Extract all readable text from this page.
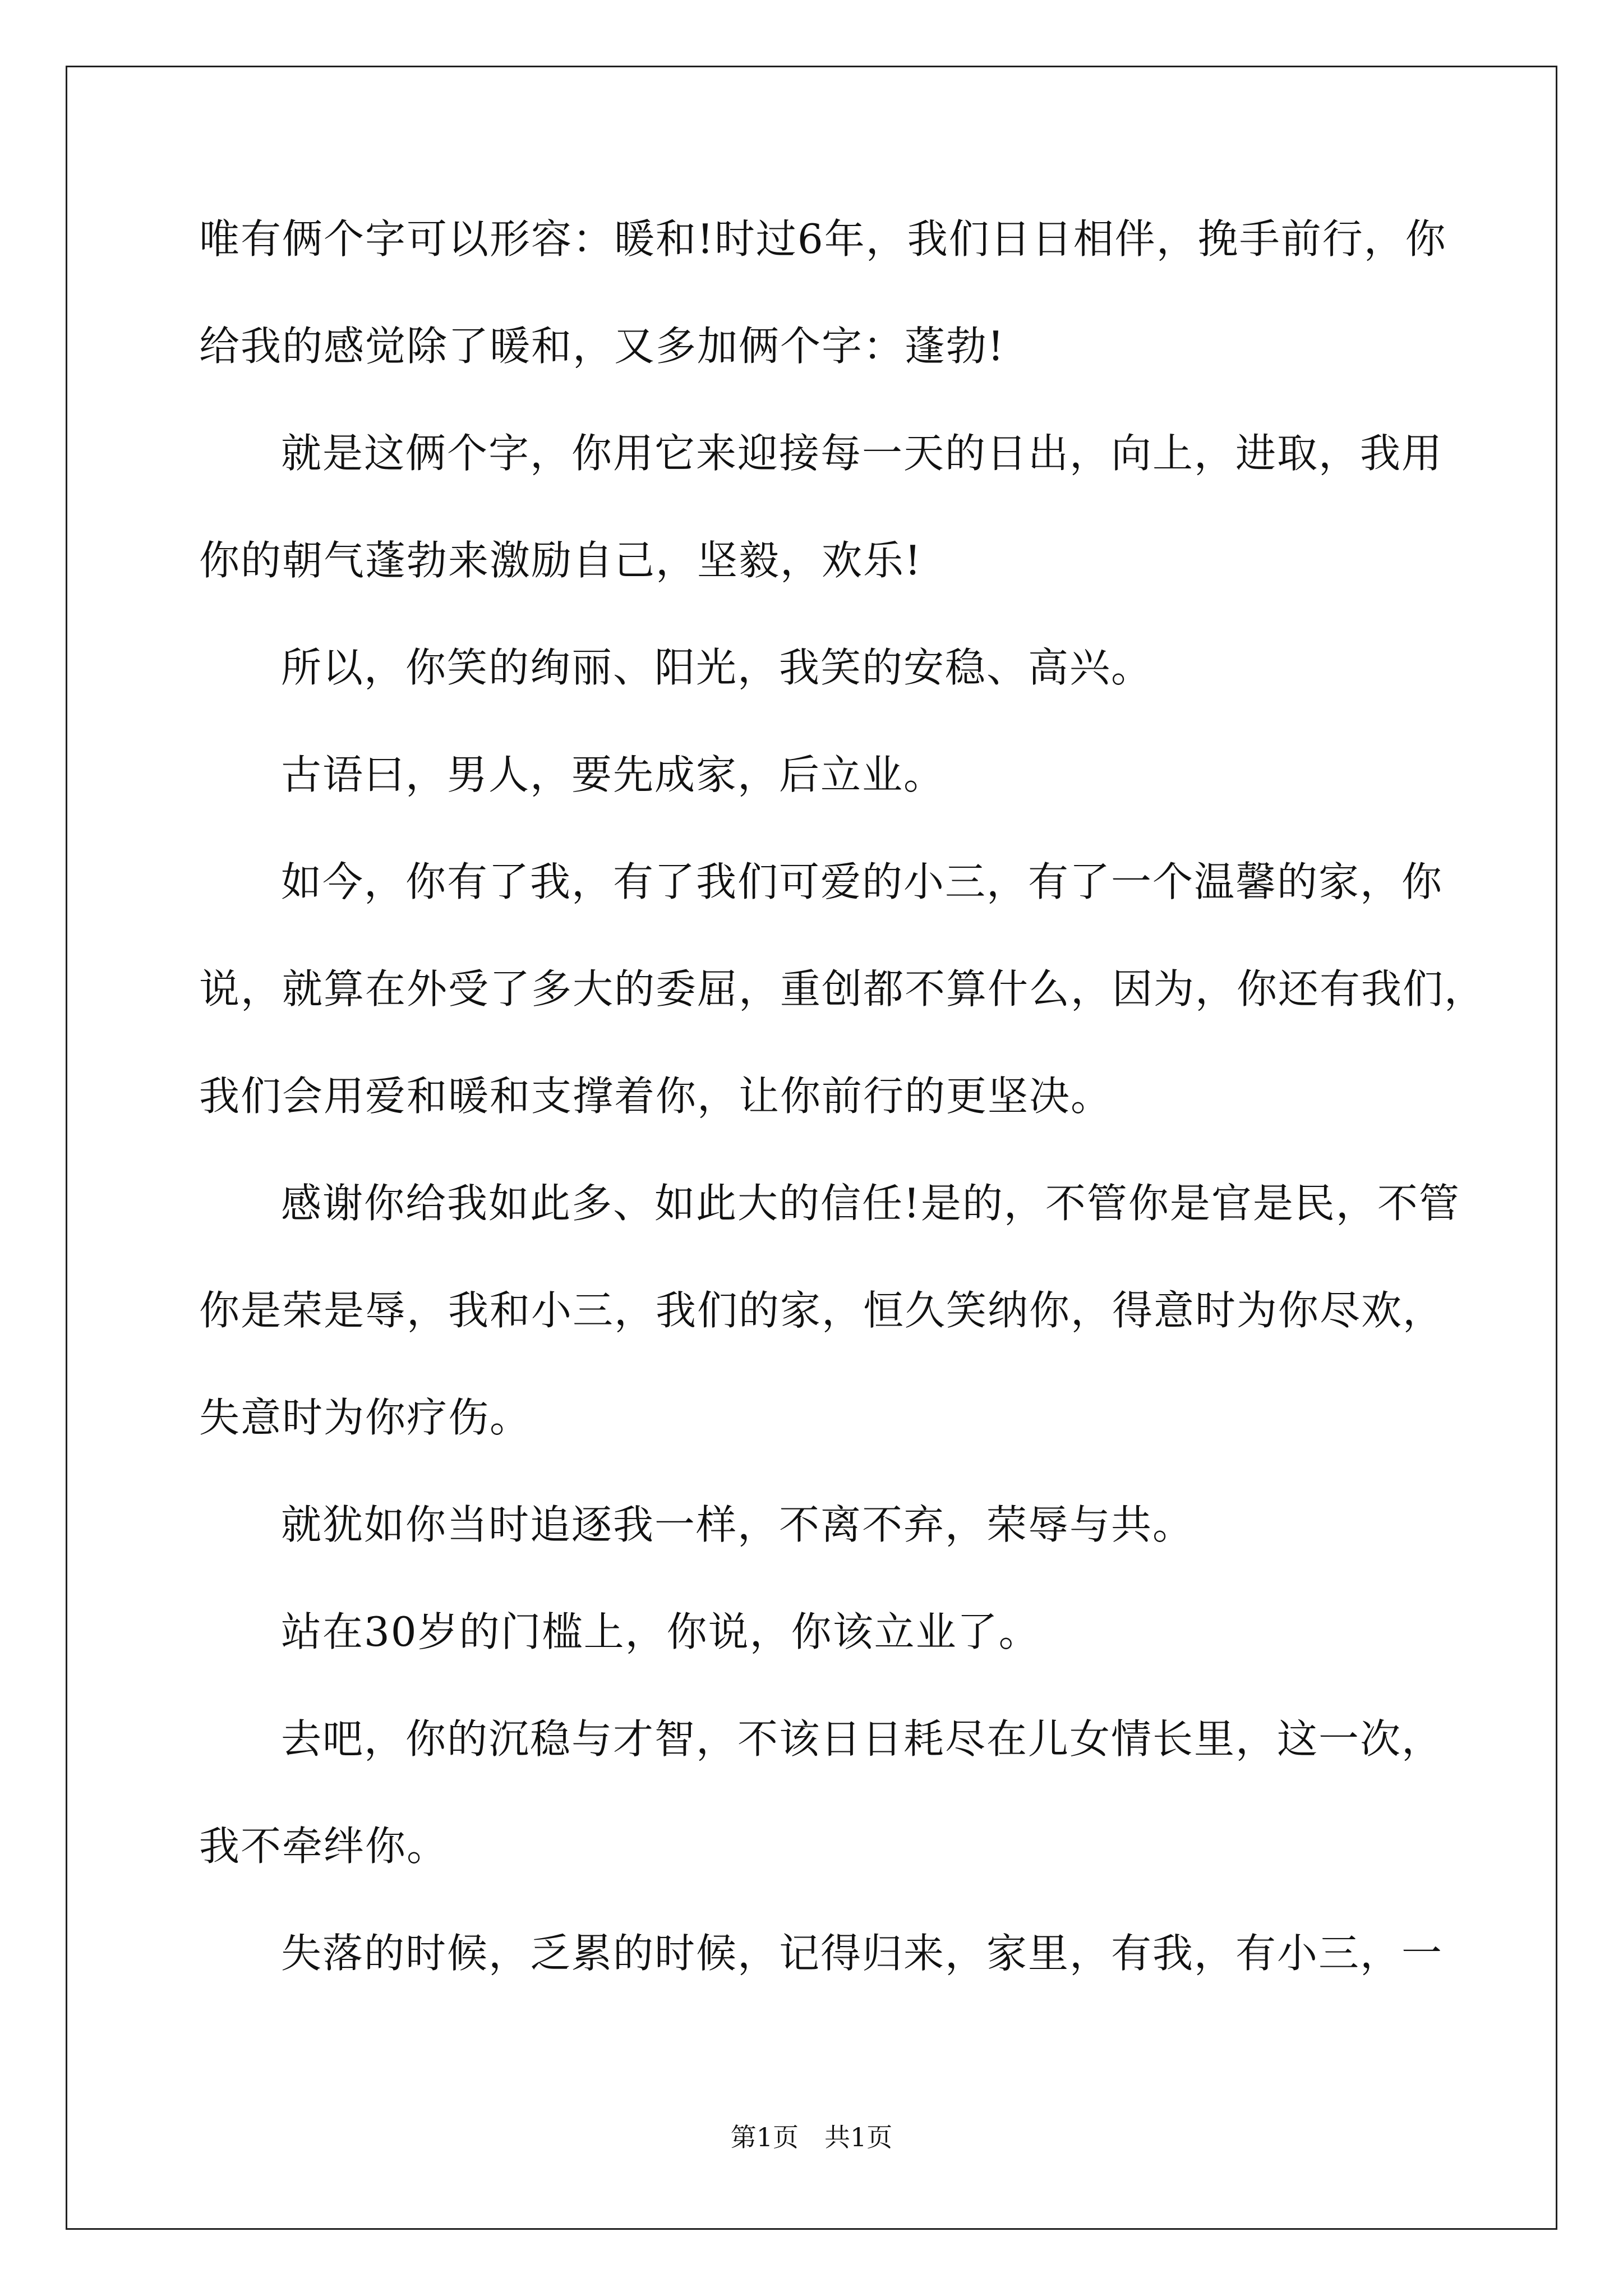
唯有俩个字可以形容：暖和!时过6年，我们日日相伴，挽手前行，你
给我的感觉除了暖和，又多加俩个字：蓬勃!
就是这俩个字，你用它来迎接每一天的日出，向上，进取，我用
你的朝气蓬勃来激励自己，坚毅，欢乐!
所以，你笑的绚丽、阳光，我笑的安稳、高兴。
古语曰，男人，要先成家，后立业。
如今，你有了我，有了我们可爱的小三，有了一个温馨的家，你
说，就算在外受了多大的委屈，重创都不算什么，因为，你还有我们，
我们会用爱和暖和支撑着你，让你前行的更坚决。
感谢你给我如此多、如此大的信任!是的，不管你是官是民，不管
你是荣是辱，我和小三，我们的家，恒久笑纳你，得意时为你尽欢，
失意时为你疗伤。
就犹如你当时追逐我一样，不离不弃，荣辱与共。
站在30岁的门槛上，你说，你该立业了。
去吧，你的沉稳与才智，不该日日耗尽在儿女情长里，这一次，
我不牵绊你。
失落的时候，乏累的时候，记得归来，家里，有我，有小三，一
第1页　共1页
